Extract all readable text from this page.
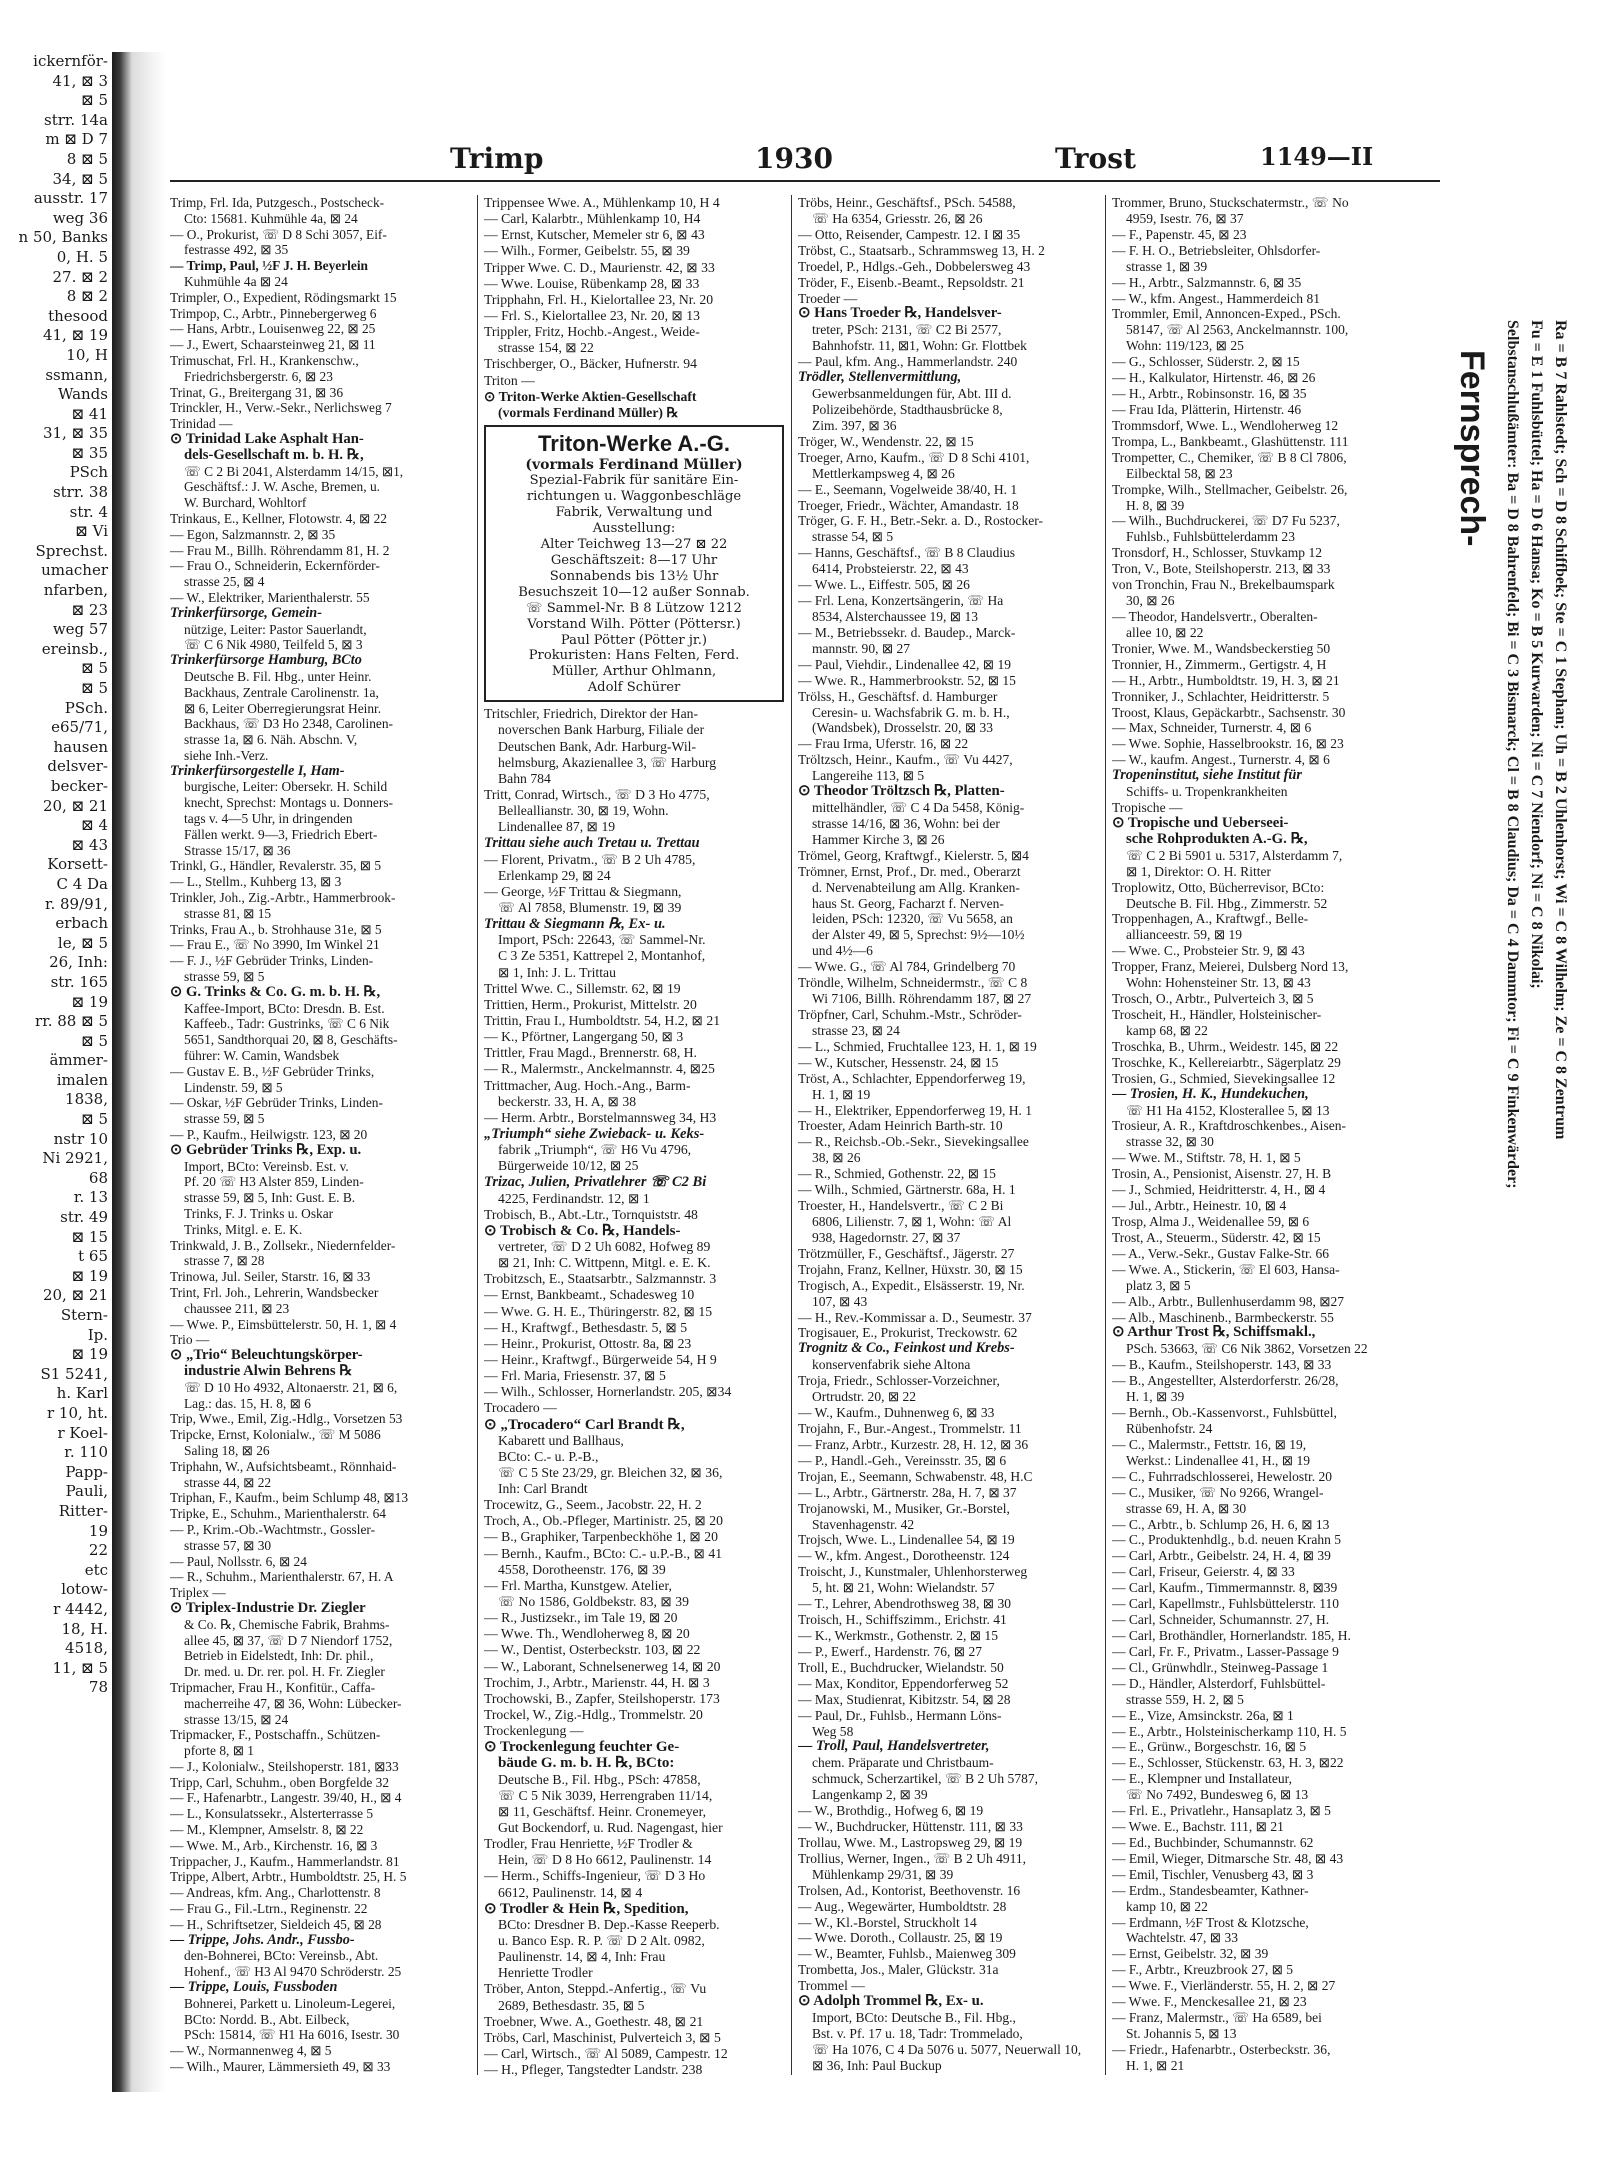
ickernför-
41, ⊠ 3
⊠ 5
strr. 14a
m ⊠ D 7
8 ⊠ 5
34, ⊠ 5
ausstr. 17
weg 36
n 50, Banks
0, H. 5
27. ⊠ 2
8 ⊠ 2
thesood
41, ⊠ 19
10, H
ssmann,
Wands
⊠ 41
31, ⊠ 35
⊠ 35
PSch
strr. 38
str. 4
⊠ Vi
Sprechst.
umacher
nfarben,
⊠ 23
weg 57
ereinsb.,
⊠ 5
⊠ 5
PSch.
e65/71,
hausen
delsver-
becker-
20, ⊠ 21
⊠ 4
⊠ 43
Korsett-
C 4 Da
r. 89/91,
erbach
le, ⊠ 5
26, Inh:
str. 165
⊠ 19
rr. 88 ⊠ 5
⊠ 5
ämmer-
imalen
1838,
⊠ 5
nstr 10
Ni 2921,
68
r. 13
str. 49
⊠ 15
t 65
⊠ 19
20, ⊠ 21
Stern-
Ip.
⊠ 19
S1 5241,
h. Karl
r 10, ht.
r Koel-
r. 110
Papp-
Pauli,
Ritter-
19
22
etc
lotow-
r 4442,
18, H.
4518,
11, ⊠ 5
78
Trimp	1930	Trost	1149—II
Trimp, Frl. Ida, Putzgesch., Postscheck-
Cto: 15681. Kuhmühle 4a, ⊠ 24
— O., Prokurist, ☏ D 8 Schi 3057, Eif-
festrasse 492, ⊠ 35
— Trimp, Paul, ½F J. H. Beyerlein
Kuhmühle 4a ⊠ 24
Trimpler, O., Expedient, Rödingsmarkt 15
Trimpop, C., Arbtr., Pinnebergerweg 6
— Hans, Arbtr., Louisenweg 22, ⊠ 25
— J., Ewert, Schaarsteinweg 21, ⊠ 11
Trimuschat, Frl. H., Krankenschw.,
Friedrichsbergerstr. 6, ⊠ 23
Trinat, G., Breitergang 31, ⊠ 36
Trinckler, H., Verw.-Sekr., Nerlichsweg 7
Trinidad —
⊙ Trinidad Lake Asphalt Han-
dels-Gesellschaft m. b. H. ℞,
☏ C 2 Bi 2041, Alsterdamm 14/15, ⊠1,
Geschäftsf.: J. W. Asche, Bremen, u.
W. Burchard, Wohltorf
Trinkaus, E., Kellner, Flotowstr. 4, ⊠ 22
— Egon, Salzmannstr. 2, ⊠ 35
— Frau M., Billh. Röhrendamm 81, H. 2
— Frau O., Schneiderin, Eckernförder-
strasse 25, ⊠ 4
— W., Elektriker, Marienthalerstr. 55
Trinkerfürsorge, Gemein-
nützige, Leiter: Pastor Sauerlandt,
☏ C 6 Nik 4980, Teilfeld 5, ⊠ 3
Trinkerfürsorge Hamburg, BCto
Deutsche B. Fil. Hbg., unter Heinr.
Backhaus, Zentrale Carolinenstr. 1a,
⊠ 6, Leiter Oberregierungsrat Heinr.
Backhaus, ☏ D3 Ho 2348, Carolinen-
strasse 1a, ⊠ 6. Näh. Abschn. V,
siehe Inh.-Verz.
Trinkerfürsorgestelle I, Ham-
burgische, Leiter: Obersekr. H. Schild
knecht, Sprechst: Montags u. Donners-
tags v. 4—5 Uhr, in dringenden
Fällen werkt. 9—3, Friedrich Ebert-
Strasse 15/17, ⊠ 36
Trinkl, G., Händler, Revalerstr. 35, ⊠ 5
— L., Stellm., Kuhberg 13, ⊠ 3
Trinkler, Joh., Zig.-Arbtr., Hammerbrook-
strasse 81, ⊠ 15
Trinks, Frau A., b. Strohhause 31e, ⊠ 5
— Frau E., ☏ No 3990, Im Winkel 21
— F. J., ½F Gebrüder Trinks, Linden-
strasse 59, ⊠ 5
⊙ G. Trinks & Co. G. m. b. H. ℞,
Kaffee-Import, BCto: Dresdn. B. Est.
Kaffeeb., Tadr: Gustrinks, ☏ C 6 Nik
5651, Sandthorquai 20, ⊠ 8, Geschäfts-
führer: W. Camin, Wandsbek
— Gustav E. B., ½F Gebrüder Trinks,
Lindenstr. 59, ⊠ 5
— Oskar, ½F Gebrüder Trinks, Linden-
strasse 59, ⊠ 5
— P., Kaufm., Heilwigstr. 123, ⊠ 20
⊙ Gebrüder Trinks ℞, Exp. u.
Import, BCto: Vereinsb. Est. v.
Pf. 20 ☏ H3 Alster 859, Linden-
strasse 59, ⊠ 5, Inh: Gust. E. B.
Trinks, F. J. Trinks u. Oskar
Trinks, Mitgl. e. E. K.
Trinkwald, J. B., Zollsekr., Niedernfelder-
strasse 7, ⊠ 28
Trinowa, Jul. Seiler, Starstr. 16, ⊠ 33
Trint, Frl. Joh., Lehrerin, Wandsbecker
chaussee 211, ⊠ 23
— Wwe. P., Eimsbüttelerstr. 50, H. 1, ⊠ 4
Trio —
⊙ „Trio“ Beleuchtungskörper-
industrie Alwin Behrens ℞
☏ D 10 Ho 4932, Altonaerstr. 21, ⊠ 6,
Lag.: das. 15, H. 8, ⊠ 6
Trip, Wwe., Emil, Zig.-Hdlg., Vorsetzen 53
Tripcke, Ernst, Kolonialw., ☏ M 5086
Saling 18, ⊠ 26
Triphahn, W., Aufsichtsbeamt., Rönnhaid-
strasse 44, ⊠ 22
Triphan, F., Kaufm., beim Schlump 48, ⊠13
Tripke, E., Schuhm., Marienthalerstr. 64
— P., Krim.-Ob.-Wachtmstr., Gossler-
strasse 57, ⊠ 30
— Paul, Nollsstr. 6, ⊠ 24
— R., Schuhm., Marienthalerstr. 67, H. A
Triplex —
⊙ Triplex-Industrie Dr. Ziegler
& Co. ℞, Chemische Fabrik, Brahms-
allee 45, ⊠ 37, ☏ D 7 Niendorf 1752,
Betrieb in Eidelstedt, Inh: Dr. phil.,
Dr. med. u. Dr. rer. pol. H. Fr. Ziegler
Tripmacher, Frau H., Konfitür., Caffa-
macherreihe 47, ⊠ 36, Wohn: Lübecker-
strasse 13/15, ⊠ 24
Tripmacker, F., Postschaffn., Schützen-
pforte 8, ⊠ 1
— J., Kolonialw., Steilshoperstr. 181, ⊠33
Tripp, Carl, Schuhm., oben Borgfelde 32
— F., Hafenarbtr., Langestr. 39/40, H., ⊠ 4
— L., Konsulatssekr., Alsterterrasse 5
— M., Klempner, Amselstr. 8, ⊠ 22
— Wwe. M., Arb., Kirchenstr. 16, ⊠ 3
Trippacher, J., Kaufm., Hammerlandstr. 81
Trippe, Albert, Arbtr., Humboldtstr. 25, H. 5
— Andreas, kfm. Ang., Charlottenstr. 8
— Frau G., Fil.-Ltrn., Reginenstr. 22
— H., Schriftsetzer, Sieldeich 45, ⊠ 28
— Trippe, Johs. Andr., Fussbo-
den-Bohnerei, BCto: Vereinsb., Abt.
Hohenf., ☏ H3 Al 9470 Schröderstr. 25
— Trippe, Louis, Fussboden
Bohnerei, Parkett u. Linoleum-Legerei,
BCto: Nordd. B., Abt. Eilbeck,
PSch: 15814, ☏ H1 Ha 6016, Isestr. 30
— W., Normannenweg 4, ⊠ 5
— Wilh., Maurer, Lämmersieth 49, ⊠ 33
Trippensee Wwe. A., Mühlenkamp 10, H 4
— Carl, Kalarbtr., Mühlenkamp 10, H4
— Ernst, Kutscher, Memeler str 6, ⊠ 43
— Wilh., Former, Geibelstr. 55, ⊠ 39
Tripper Wwe. C. D., Maurienstr. 42, ⊠ 33
— Wwe. Louise, Rübenkamp 28, ⊠ 33
Tripphahn, Frl. H., Kielortallee 23, Nr. 20
— Frl. S., Kielortallee 23, Nr. 20, ⊠ 13
Trippler, Fritz, Hochb.-Angest., Weide-
strasse 154, ⊠ 22
Trischberger, O., Bäcker, Hufnerstr. 94
Triton —
⊙ Triton-Werke Aktien-Gesellschaft
(vormals Ferdinand Müller) ℞
Triton-Werke A.-G.
(vormals Ferdinand Müller)
Spezial-Fabrik für sanitäre Ein-
richtungen u. Waggonbeschläge
Fabrik, Verwaltung und
Ausstellung:
Alter Teichweg 13—27 ⊠ 22
Geschäftszeit: 8—17 Uhr
Sonnabends bis 13½ Uhr
Besuchszeit 10—12 außer Sonnab.
☏ Sammel-Nr. B 8 Lützow 1212
Vorstand Wilh. Pötter (Pöttersr.)
Paul Pötter (Pötter jr.)
Prokuristen: Hans Felten, Ferd.
Müller, Arthur Ohlmann,
Adolf Schürer
Tritschler, Friedrich, Direktor der Han-
noverschen Bank Harburg, Filiale der
Deutschen Bank, Adr. Harburg-Wil-
helmsburg, Akazienallee 3, ☏ Harburg
Bahn 784
Tritt, Conrad, Wirtsch., ☏ D 3 Ho 4775,
Belleallianstr. 30, ⊠ 19, Wohn.
Lindenallee 87, ⊠ 19
Trittau siehe auch Tretau u. Trettau
— Florent, Privatm., ☏ B 2 Uh 4785,
Erlenkamp 29, ⊠ 24
— George, ½F Trittau & Siegmann,
☏ Al 7858, Blumenstr. 19, ⊠ 39
Trittau & Siegmann ℞, Ex- u.
Import, PSch: 22643, ☏ Sammel-Nr.
C 3 Ze 5351, Kattrepel 2, Montanhof,
⊠ 1, Inh: J. L. Trittau
Trittel Wwe. C., Sillemstr. 62, ⊠ 19
Trittien, Herm., Prokurist, Mittelstr. 20
Trittin, Frau I., Humboldtstr. 54, H.2, ⊠ 21
— K., Pförtner, Langergang 50, ⊠ 3
Trittler, Frau Magd., Brennerstr. 68, H.
— R., Malermstr., Anckelmannstr. 4, ⊠25
Trittmacher, Aug. Hoch.-Ang., Barm-
beckerstr. 33, H. A, ⊠ 38
— Herm. Arbtr., Borstelmannsweg 34, H3
„Triumph“ siehe Zwieback- u. Keks-
fabrik „Triumph“, ☏ H6 Vu 4796,
Bürgerweide 10/12, ⊠ 25
Trizac, Julien, Privatlehrer ☏ C2 Bi
4225, Ferdinandstr. 12, ⊠ 1
Trobisch, B., Abt.-Ltr., Tornquiststr. 48
⊙ Trobisch & Co. ℞, Handels-
vertreter, ☏ D 2 Uh 6082, Hofweg 89
⊠ 21, Inh: C. Wittpenn, Mitgl. e. E. K.
Trobitzsch, E., Staatsarbtr., Salzmannstr. 3
— Ernst, Bankbeamt., Schadesweg 10
— Wwe. G. H. E., Thüringerstr. 82, ⊠ 15
— H., Kraftwgf., Bethesdastr. 5, ⊠ 5
— Heinr., Prokurist, Ottostr. 8a, ⊠ 23
— Heinr., Kraftwgf., Bürgerweide 54, H 9
— Frl. Maria, Friesenstr. 37, ⊠ 5
— Wilh., Schlosser, Hornerlandstr. 205, ⊠34
Trocadero —
⊙ „Trocadero“ Carl Brandt ℞,
Kabarett und Ballhaus,
BCto: C.- u. P.-B.,
☏ C 5 Ste 23/29, gr. Bleichen 32, ⊠ 36,
Inh: Carl Brandt
Trocewitz, G., Seem., Jacobstr. 22, H. 2
Troch, A., Ob.-Pfleger, Martinistr. 25, ⊠ 20
— B., Graphiker, Tarpenbeckhöhe 1, ⊠ 20
— Bernh., Kaufm., BCto: C.- u.P.-B., ⊠ 41
4558, Dorotheenstr. 176, ⊠ 39
— Frl. Martha, Kunstgew. Atelier,
☏ No 1586, Goldbekstr. 83, ⊠ 39
— R., Justizsekr., im Tale 19, ⊠ 20
— Wwe. Th., Wendloherweg 8, ⊠ 20
— W., Dentist, Osterbeckstr. 103, ⊠ 22
— W., Laborant, Schnelsenerweg 14, ⊠ 20
Trochim, J., Arbtr., Marienstr. 44, H. ⊠ 3
Trochowski, B., Zapfer, Steilshoperstr. 173
Trockel, W., Zig.-Hdlg., Trommelstr. 20
Trockenlegung —
⊙ Trockenlegung feuchter Ge-
bäude G. m. b. H. ℞, BCto:
Deutsche B., Fil. Hbg., PSch: 47858,
☏ C 5 Nik 3039, Herrengraben 11/14,
⊠ 11, Geschäftsf. Heinr. Cronemeyer,
Gut Bockendorf, u. Rud. Nagengast, hier
Trodler, Frau Henriette, ½F Trodler &
Hein, ☏ D 8 Ho 6612, Paulinenstr. 14
— Herm., Schiffs-Ingenieur, ☏ D 3 Ho
6612, Paulinenstr. 14, ⊠ 4
⊙ Trodler & Hein ℞, Spedition,
BCto: Dresdner B. Dep.-Kasse Reeperb.
u. Banco Esp. R. P. ☏ D 2 Alt. 0982,
Paulinenstr. 14, ⊠ 4, Inh: Frau
Henriette Trodler
Tröber, Anton, Steppd.-Anfertig., ☏ Vu
2689, Bethesdastr. 35, ⊠ 5
Troebner, Wwe. A., Goethestr. 48, ⊠ 21
Tröbs, Carl, Maschinist, Pulverteich 3, ⊠ 5
— Carl, Wirtsch., ☏ Al 5089, Campestr. 12
— H., Pfleger, Tangstedter Landstr. 238
Tröbs, Heinr., Geschäftsf., PSch. 54588,
☏ Ha 6354, Griesstr. 26, ⊠ 26
— Otto, Reisender, Campestr. 12. I ⊠ 35
Tröbst, C., Staatsarb., Schrammsweg 13, H. 2
Troedel, P., Hdlgs.-Geh., Dobbelersweg 43
Tröder, F., Eisenb.-Beamt., Repsoldstr. 21
Troeder —
⊙ Hans Troeder ℞, Handelsver-
treter, PSch: 2131, ☏ C2 Bi 2577,
Bahnhofstr. 11, ⊠1, Wohn: Gr. Flottbek
— Paul, kfm. Ang., Hammerlandstr. 240
Trödler, Stellenvermittlung,
Gewerbsanmeldungen für, Abt. III d.
Polizeibehörde, Stadthausbrücke 8,
Zim. 397, ⊠ 36
Tröger, W., Wendenstr. 22, ⊠ 15
Troeger, Arno, Kaufm., ☏ D 8 Schi 4101,
Mettlerkampsweg 4, ⊠ 26
— E., Seemann, Vogelweide 38/40, H. 1
Troeger, Friedr., Wächter, Amandastr. 18
Tröger, G. F. H., Betr.-Sekr. a. D., Rostocker-
strasse 54, ⊠ 5
— Hanns, Geschäftsf., ☏ B 8 Claudius
6414, Probsteierstr. 22, ⊠ 43
— Wwe. L., Eiffestr. 505, ⊠ 26
— Frl. Lena, Konzertsängerin, ☏ Ha
8534, Alsterchaussee 19, ⊠ 13
— M., Betriebssekr. d. Baudep., Marck-
mannstr. 90, ⊠ 27
— Paul, Viehdir., Lindenallee 42, ⊠ 19
— Wwe. R., Hammerbrookstr. 52, ⊠ 15
Trölss, H., Geschäftsf. d. Hamburger
Ceresin- u. Wachsfabrik G. m. b. H.,
(Wandsbek), Drosselstr. 20, ⊠ 33
— Frau Irma, Uferstr. 16, ⊠ 22
Tröltzsch, Heinr., Kaufm., ☏ Vu 4427,
Langereihe 113, ⊠ 5
⊙ Theodor Tröltzsch ℞, Platten-
mittelhändler, ☏ C 4 Da 5458, König-
strasse 14/16, ⊠ 36, Wohn: bei der
Hammer Kirche 3, ⊠ 26
Trömel, Georg, Kraftwgf., Kielerstr. 5, ⊠4
Trömner, Ernst, Prof., Dr. med., Oberarzt
d. Nervenabteilung am Allg. Kranken-
haus St. Georg, Facharzt f. Nerven-
leiden, PSch: 12320, ☏ Vu 5658, an
der Alster 49, ⊠ 5, Sprechst: 9½—10½
und 4½—6
— Wwe. G., ☏ Al 784, Grindelberg 70
Tröndle, Wilhelm, Schneidermstr., ☏ C 8
Wi 7106, Billh. Röhrendamm 187, ⊠ 27
Tröpfner, Carl, Schuhm.-Mstr., Schröder-
strasse 23, ⊠ 24
— L., Schmied, Fruchtallee 123, H. 1, ⊠ 19
— W., Kutscher, Hessenstr. 24, ⊠ 15
Tröst, A., Schlachter, Eppendorferweg 19,
H. 1, ⊠ 19
— H., Elektriker, Eppendorferweg 19, H. 1
Troester, Adam Heinrich Barth-str. 10
— R., Reichsb.-Ob.-Sekr., Sievekingsallee
38, ⊠ 26
— R., Schmied, Gothenstr. 22, ⊠ 15
— Wilh., Schmied, Gärtnerstr. 68a, H. 1
Troester, H., Handelsvertr., ☏ C 2 Bi
6806, Lilienstr. 7, ⊠ 1, Wohn: ☏ Al
938, Hagedornstr. 27, ⊠ 37
Trötzmüller, F., Geschäftsf., Jägerstr. 27
Trojahn, Franz, Kellner, Hüxstr. 30, ⊠ 15
Trogisch, A., Expedit., Elsässerstr. 19, Nr.
107, ⊠ 43
— H., Rev.-Kommissar a. D., Seumestr. 37
Trogisauer, E., Prokurist, Treckowstr. 62
Trognitz & Co., Feinkost und Krebs-
konservenfabrik siehe Altona
Troja, Friedr., Schlosser-Vorzeichner,
Ortrudstr. 20, ⊠ 22
— W., Kaufm., Duhnenweg 6, ⊠ 33
Trojahn, F., Bur.-Angest., Trommelstr. 11
— Franz, Arbtr., Kurzestr. 28, H. 12, ⊠ 36
— P., Handl.-Geh., Vereinsstr. 35, ⊠ 6
Trojan, E., Seemann, Schwabenstr. 48, H.C
— L., Arbtr., Gärtnerstr. 28a, H. 7, ⊠ 37
Trojanowski, M., Musiker, Gr.-Borstel,
Stavenhagenstr. 42
Trojsch, Wwe. L., Lindenallee 54, ⊠ 19
— W., kfm. Angest., Dorotheenstr. 124
Troischt, J., Kunstmaler, Uhlenhorsterweg
5, ht. ⊠ 21, Wohn: Wielandstr. 57
— T., Lehrer, Abendrothsweg 38, ⊠ 30
Troisch, H., Schiffszimm., Erichstr. 41
— K., Werkmstr., Gothenstr. 2, ⊠ 15
— P., Ewerf., Hardenstr. 76, ⊠ 27
Troll, E., Buchdrucker, Wielandstr. 50
— Max, Konditor, Eppendorferweg 52
— Max, Studienrat, Kibitzstr. 54, ⊠ 28
— Paul, Dr., Fuhlsb., Hermann Löns-
Weg 58
— Troll, Paul, Handelsvertreter,
chem. Präparate und Christbaum-
schmuck, Scherzartikel, ☏ B 2 Uh 5787,
Langenkamp 2, ⊠ 39
— W., Brothdig., Hofweg 6, ⊠ 19
— W., Buchdrucker, Hüttenstr. 111, ⊠ 33
Trollau, Wwe. M., Lastropsweg 29, ⊠ 19
Trollius, Werner, Ingen., ☏ B 2 Uh 4911,
Mühlenkamp 29/31, ⊠ 39
Trolsen, Ad., Kontorist, Beethovenstr. 16
— Aug., Wegewärter, Humboldtstr. 28
— W., Kl.-Borstel, Struckholt 14
— Wwe. Doroth., Collaustr. 25, ⊠ 19
— W., Beamter, Fuhlsb., Maienweg 309
Trombetta, Jos., Maler, Glückstr. 31a
Trommel —
⊙ Adolph Trommel ℞, Ex- u.
Import, BCto: Deutsche B., Fil. Hbg.,
Bst. v. Pf. 17 u. 18, Tadr: Trommelado,
☏ Ha 1076, C 4 Da 5076 u. 5077, Neuerwall 10,
⊠ 36, Inh: Paul Buckup
Trommer, Bruno, Stuckschatermstr., ☏ No
4959, Isestr. 76, ⊠ 37
— F., Papenstr. 45, ⊠ 23
— F. H. O., Betriebsleiter, Ohlsdorfer-
strasse 1, ⊠ 39
— H., Arbtr., Salzmannstr. 6, ⊠ 35
— W., kfm. Angest., Hammerdeich 81
Trommler, Emil, Annoncen-Exped., PSch.
58147, ☏ Al 2563, Anckelmannstr. 100,
Wohn: 119/123, ⊠ 25
— G., Schlosser, Süderstr. 2, ⊠ 15
— H., Kalkulator, Hirtenstr. 46, ⊠ 26
— H., Arbtr., Robinsonstr. 16, ⊠ 35
— Frau Ida, Plätterin, Hirtenstr. 46
Trommsdorf, Wwe. L., Wendloherweg 12
Trompa, L., Bankbeamt., Glashüttenstr. 111
Trompetter, C., Chemiker, ☏ B 8 Cl 7806,
Eilbecktal 58, ⊠ 23
Trompke, Wilh., Stellmacher, Geibelstr. 26,
H. 8, ⊠ 39
— Wilh., Buchdruckerei, ☏ D7 Fu 5237,
Fuhlsb., Fuhlsbüttelerdamm 23
Tronsdorf, H., Schlosser, Stuvkamp 12
Tron, V., Bote, Steilshoperstr. 213, ⊠ 33
von Tronchin, Frau N., Brekelbaumspark
30, ⊠ 26
— Theodor, Handelsvertr., Oberalten-
allee 10, ⊠ 22
Tronier, Wwe. M., Wandsbeckerstieg 50
Tronnier, H., Zimmerm., Gertigstr. 4, H
— H., Arbtr., Humboldtstr. 19, H. 3, ⊠ 21
Tronniker, J., Schlachter, Heidritterstr. 5
Troost, Klaus, Gepäckarbtr., Sachsenstr. 30
— Max, Schneider, Turnerstr. 4, ⊠ 6
— Wwe. Sophie, Hasselbrookstr. 16, ⊠ 23
— W., kaufm. Angest., Turnerstr. 4, ⊠ 6
Tropeninstitut, siehe Institut für
Schiffs- u. Tropenkrankheiten
Tropische —
⊙ Tropische und Ueberseei-
sche Rohprodukten A.-G. ℞,
☏ C 2 Bi 5901 u. 5317, Alsterdamm 7,
⊠ 1, Direktor: O. H. Ritter
Troplowitz, Otto, Bücherrevisor, BCto:
Deutsche B. Fil. Hbg., Zimmerstr. 52
Troppenhagen, A., Kraftwgf., Belle-
allianceestr. 59, ⊠ 19
— Wwe. C., Probsteier Str. 9, ⊠ 43
Tropper, Franz, Meierei, Dulsberg Nord 13,
Wohn: Hohensteiner Str. 13, ⊠ 43
Trosch, O., Arbtr., Pulverteich 3, ⊠ 5
Troscheit, H., Händler, Holsteinischer-
kamp 68, ⊠ 22
Troschka, B., Uhrm., Weidestr. 145, ⊠ 22
Troschke, K., Kellereiarbtr., Sägerplatz 29
Trosien, G., Schmied, Sievekingsallee 12
— Trosien, H. K., Hundekuchen,
☏ H1 Ha 4152, Klosterallee 5, ⊠ 13
Trosieur, A. R., Kraftdroschkenbes., Aisen-
strasse 32, ⊠ 30
— Wwe. M., Stiftstr. 78, H. 1, ⊠ 5
Trosin, A., Pensionist, Aisenstr. 27, H. B
— J., Schmied, Heidritterstr. 4, H., ⊠ 4
— Jul., Arbtr., Heinestr. 10, ⊠ 4
Trosp, Alma J., Weidenallee 59, ⊠ 6
Trost, A., Steuerm., Süderstr. 42, ⊠ 15
— A., Verw.-Sekr., Gustav Falke-Str. 66
— Wwe. A., Stickerin, ☏ El 603, Hansa-
platz 3, ⊠ 5
— Alb., Arbtr., Bullenhuserdamm 98, ⊠27
— Alb., Maschinenb., Barmbeckerstr. 55
⊙ Arthur Trost ℞, Schiffsmakl.,
PSch. 53663, ☏ C6 Nik 3862, Vorsetzen 22
— B., Kaufm., Steilshoperstr. 143, ⊠ 33
— B., Angestellter, Alsterdorferstr. 26/28,
H. 1, ⊠ 39
— Bernh., Ob.-Kassenvorst., Fuhlsbüttel,
Rübenhofstr. 24
— C., Malermstr., Fettstr. 16, ⊠ 19,
Werkst.: Lindenallee 41, H., ⊠ 19
— C., Fuhrradschlosserei, Hewelostr. 20
— C., Musiker, ☏ No 9266, Wrangel-
strasse 69, H. A, ⊠ 30
— C., Arbtr., b. Schlump 26, H. 6, ⊠ 13
— C., Produktenhdlg., b.d. neuen Krahn 5
— Carl, Arbtr., Geibelstr. 24, H. 4, ⊠ 39
— Carl, Friseur, Geierstr. 4, ⊠ 33
— Carl, Kaufm., Timmermannstr. 8, ⊠39
— Carl, Kapellmstr., Fuhlsbüttelerstr. 110
— Carl, Schneider, Schumannstr. 27, H.
— Carl, Brothändler, Hornerlandstr. 185, H.
— Carl, Fr. F., Privatm., Lasser-Passage 9
— Cl., Grünwhdlr., Steinweg-Passage 1
— D., Händler, Alsterdorf, Fuhlsbüttel-
strasse 559, H. 2, ⊠ 5
— E., Vize, Amsinckstr. 26a, ⊠ 1
— E., Arbtr., Holsteinischerkamp 110, H. 5
— E., Grünw., Borgeschstr. 16, ⊠ 5
— E., Schlosser, Stückenstr. 63, H. 3, ⊠22
— E., Klempner und Installateur,
☏ No 7492, Bundesweg 6, ⊠ 13
— Frl. E., Privatlehr., Hansaplatz 3, ⊠ 5
— Wwe. E., Bachstr. 111, ⊠ 21
— Ed., Buchbinder, Schumannstr. 62
— Emil, Wieger, Ditmarsche Str. 48, ⊠ 43
— Emil, Tischler, Venusberg 43, ⊠ 3
— Erdm., Standesbeamter, Kathner-
kamp 10, ⊠ 22
— Erdmann, ½F Trost & Klotzsche,
Wachtelstr. 47, ⊠ 33
— Ernst, Geibelstr. 32, ⊠ 39
— F., Arbtr., Kreuzbrook 27, ⊠ 5
— Wwe. F., Vierländerstr. 55, H. 2, ⊠ 27
— Wwe. F., Menckesallee 21, ⊠ 23
— Franz, Malermstr., ☏ Ha 6589, bei
St. Johannis 5, ⊠ 13
— Friedr., Hafenarbtr., Osterbeckstr. 36,
H. 1, ⊠ 21
Fernsprech- Selbstanschlußämter: Ba = D 8 Bahrenfeld; Bi = C 3 Bismarck; Cl = B 8 Claudius; Da = C 4 Dammtor; Fi = C 9 Finkenwärder; Fu = E 1 Fuhlsbüttel; Ha = D 6 Hansa; Ko = B 5 Kurwarden; Ni = C 7 Niendorf; Ni = C 8 Nikolai; Ra = B 7 Rahlstedt; Sch = D 8 Schiffbek; Ste = C 1 Stephan; Uh = B 2 Uhlenhorst; Wi = C 8 Wilhelm; Ze = C 8 Zentrum
